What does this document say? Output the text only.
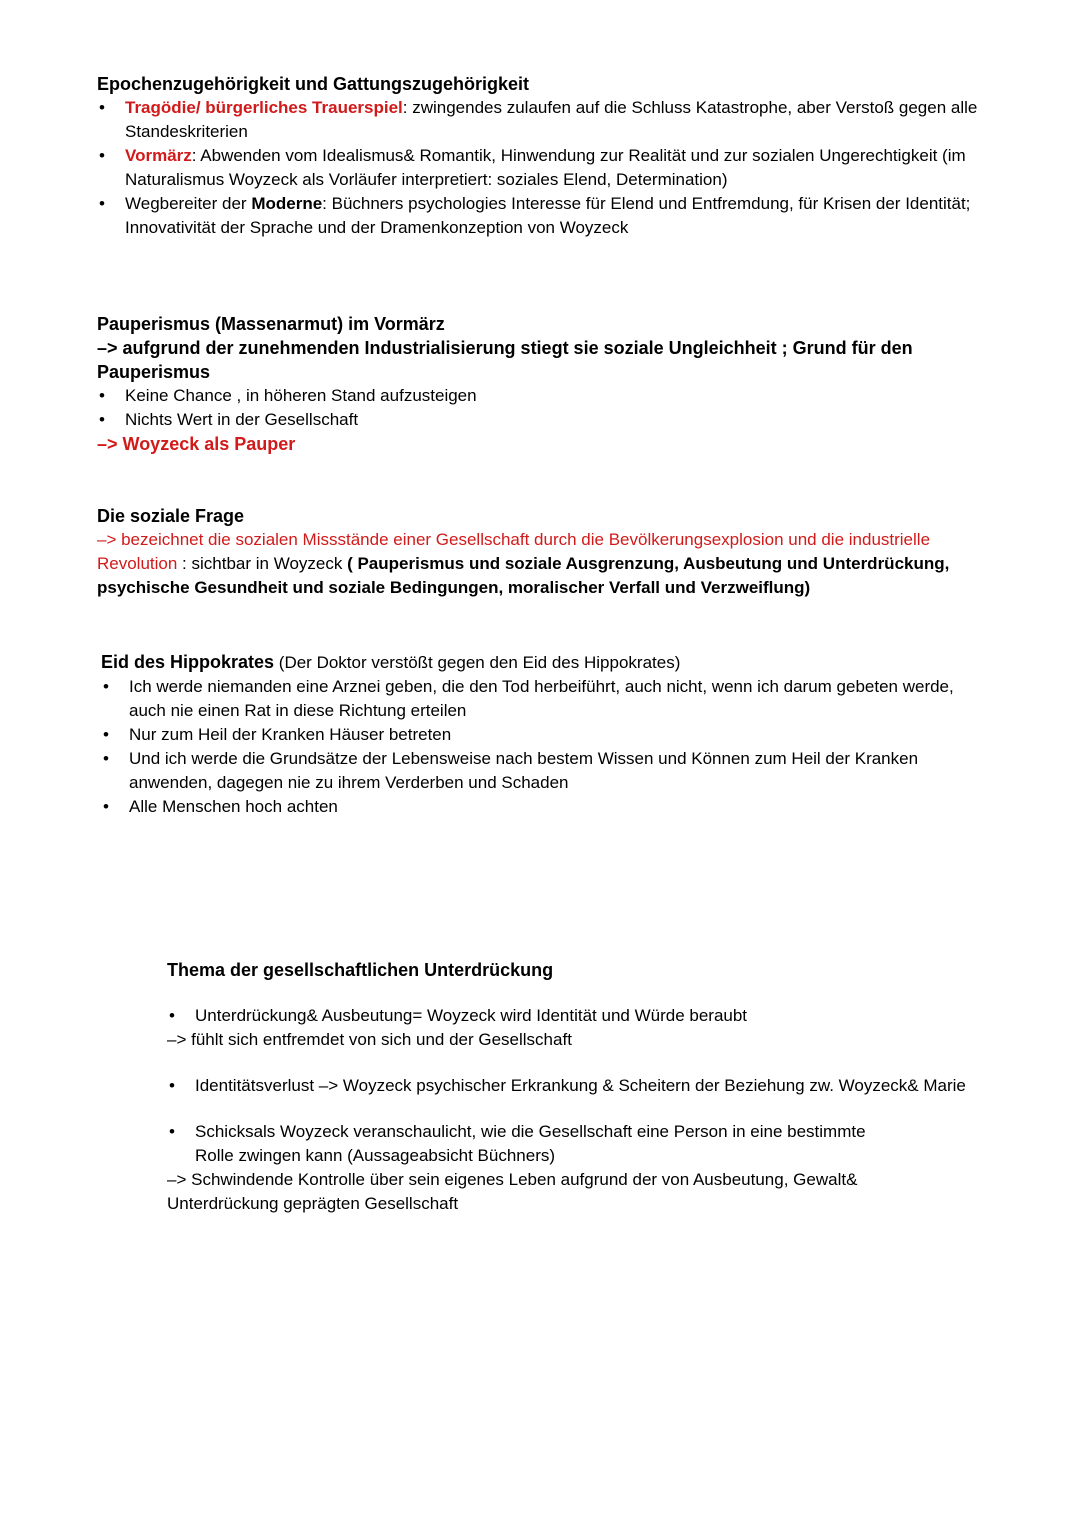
Epochenzugehörigkeit und Gattungszugehörigkeit

• Tragödie/ bürgerliches Trauerspiel: zwingendes zulaufen auf die Schluss Katastrophe, aber Verstoß gegen alle Standeskriterien
• Vormärz: Abwenden vom Idealismus& Romantik, Hinwendung zur Realität und zur sozialen Ungerechtigkeit (im Naturalismus Woyzeck als Vorläufer interpretiert: soziales Elend, Determination)
• Wegbereiter der Moderne: Büchners psychologies Interesse für Elend und Entfremdung, für Krisen der Identität; Innovativität der Sprache und der Dramenkonzeption von Woyzeck

Pauperismus (Massenarmut) im Vormärz

–> aufgrund der zunehmenden Industrialisierung stiegt sie soziale Ungleichheit ; Grund für den Pauperismus

• Keine Chance , in höheren Stand aufzusteigen
• Nichts Wert in der Gesellschaft

–> Woyzeck als Pauper

Die soziale Frage

–> bezeichnet die sozialen Missstände einer Gesellschaft durch die Bevölkerungsexplosion und die industrielle Revolution : sichtbar in Woyzeck ( Pauperismus und soziale Ausgrenzung, Ausbeutung und Unterdrückung, psychische Gesundheit und soziale Bedingungen, moralischer Verfall und Verzweiflung)

Eid des Hippokrates (Der Doktor verstößt gegen den Eid des Hippokrates)

• Ich werde niemanden eine Arznei geben, die den Tod herbeiführt, auch nicht, wenn ich darum gebeten werde, auch nie einen Rat in diese Richtung erteilen
• Nur zum Heil der Kranken Häuser betreten
• Und ich werde die Grundsätze der Lebensweise nach bestem Wissen und Können zum Heil der Kranken anwenden, dagegen nie zu ihrem Verderben und Schaden
• Alle Menschen hoch achten

Thema der gesellschaftlichen Unterdrückung

• Unterdrückung& Ausbeutung= Woyzeck wird Identität und Würde beraubt

–> fühlt sich entfremdet von sich und der Gesellschaft

• Identitätsverlust –> Woyzeck psychischer Erkrankung & Scheitern der Beziehung zw. Woyzeck& Marie
• Schicksals Woyzeck veranschaulicht, wie die Gesellschaft eine Person in eine bestimmte Rolle zwingen kann (Aussageabsicht Büchners)

–> Schwindende Kontrolle über sein eigenes Leben aufgrund der von Ausbeutung, Gewalt& Unterdrückung geprägten Gesellschaft
